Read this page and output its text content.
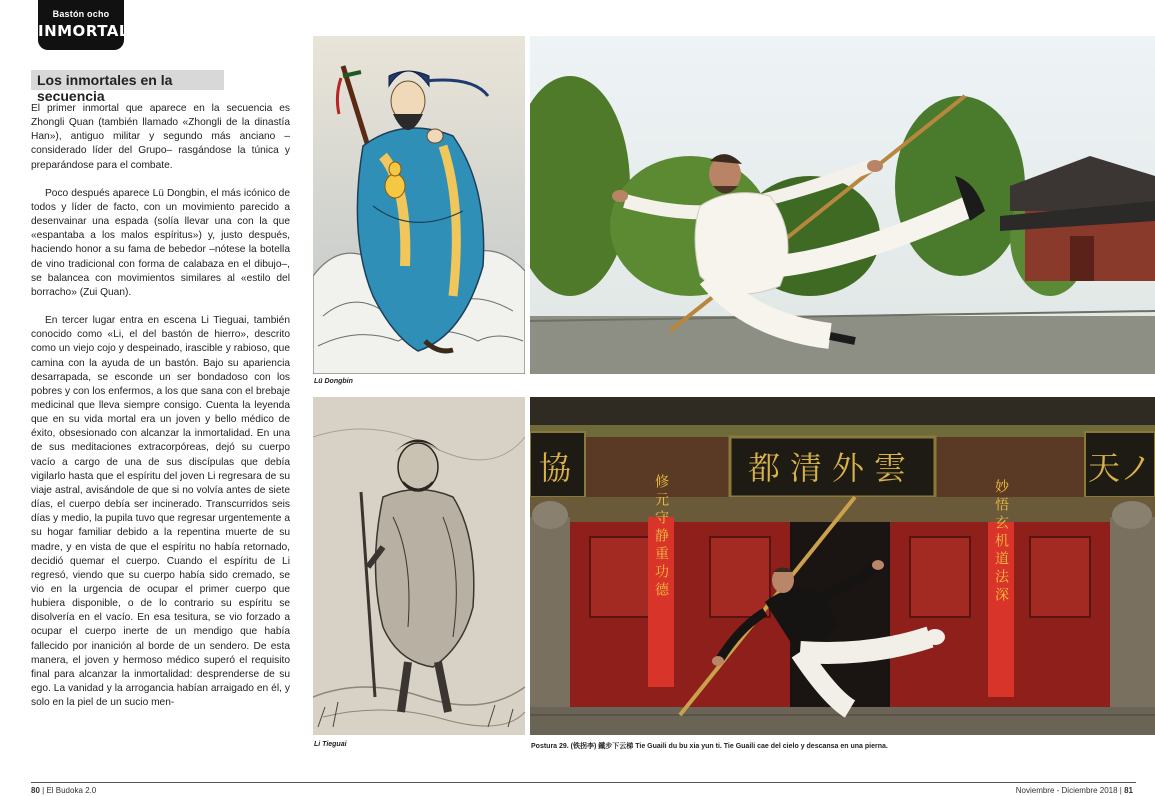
Bastón ocho
INMORTALES
Los inmortales en la secuencia

El primer inmortal que aparece en la secuencia es Zhongli Quan (también llamado «Zhongli de la dinastía Han»), antiguo militar y segundo más anciano –considerado líder del Grupo– rasgándose la túnica y preparándose para el combate.

Poco después aparece Lü Dongbin, el más icónico de todos y líder de facto, con un movimiento parecido a desenvainar una espada (solía llevar una con la que «espantaba a los malos espíritus») y, justo después, haciendo honor a su fama de bebedor –nótese la botella de vino tradicional con forma de calabaza en el dibujo–, se balancea con movimientos similares al «estilo del borracho» (Zui Quan).

En tercer lugar entra en escena Li Tieguai, también conocido como «Li, el del bastón de hierro», descrito como un viejo cojo y despeinado, irascible y rabioso, que camina con la ayuda de un bastón. Bajo su apariencia desarrapada, se esconde un ser bondadoso con los pobres y con los enfermos, a los que sana con el brebaje medicinal que lleva siempre consigo. Cuenta la leyenda que en su vida mortal era un joven y bello médico de éxito, obsesionado con alcanzar la inmortalidad. En una de sus meditaciones extracorpóreas, dejó su cuerpo vacío a cargo de una de sus discípulas que debía vigilarlo hasta que el espíritu del joven Li regresara de su viaje astral, avisándole de que si no volvía antes de siete días, el cuerpo debía ser incinerado. Transcurridos seis días y medio, la pupila tuvo que regresar urgentemente a su hogar familiar debido a la repentina muerte de su madre, y en vista de que el espíritu no había retornado, decidió quemar el cuerpo. Cuando el espíritu de Li regresó, viendo que su cuerpo había sido cremado, se vio en la urgencia de ocupar el primer cuerpo que hubiera disponible, o de lo contrario su espíritu se disolvería en el vacío. En esa tesitura, se vio forzado a ocupar el cuerpo inerte de un mendigo que había fallecido por inanición al borde de un sendero. De esta manera, el joven y hermoso médico superó el requisito final para alcanzar la inmortalidad: desprenderse de su ego. La vanidad y la arrogancia habían arraigado en él, y solo en la piel de un sucio men-

Lü Dongbin
Li Tieguai
都清外雲
協	天ノ
修元守静重功德	妙悟玄机道法深
Postura 29. (铁拐李) 鐵步下云梯 Tie Guaili du bu xia yun ti. Tie Guaili cae del cielo y descansa en una pierna.
80 | El Budoka 2.0	Noviembre - Diciembre 2018 | 81
